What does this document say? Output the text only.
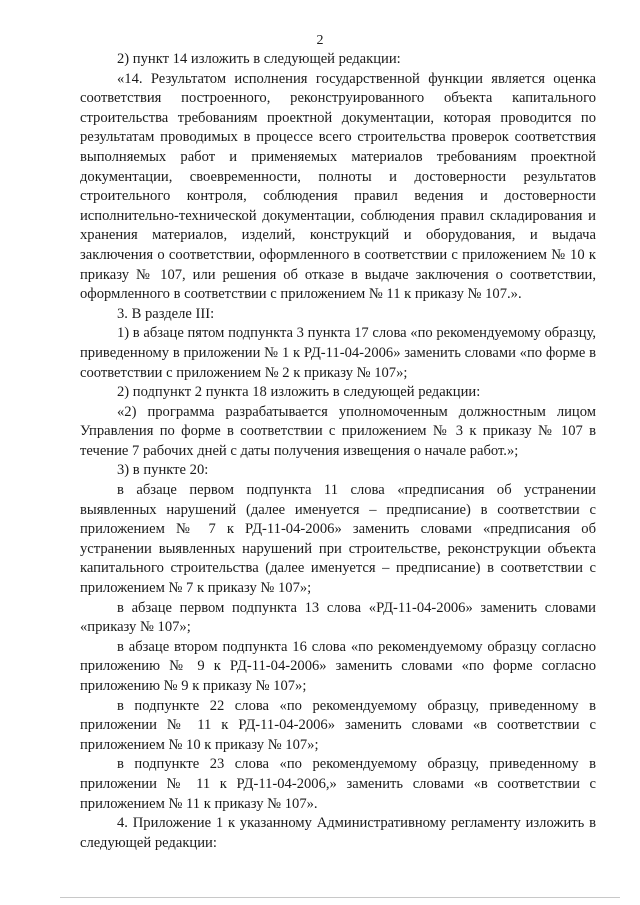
2

2) пункт 14 изложить в следующей редакции:

«14. Результатом исполнения государственной функции является оценка соответствия построенного, реконструированного объекта капитального строительства требованиям проектной документации, которая проводится по результатам проводимых в процессе всего строительства проверок соответствия выполняемых работ и применяемых материалов требованиям проектной документации, своевременности, полноты и достоверности результатов строительного контроля, соблюдения правил ведения и достоверности исполнительно-технической документации, соблюдения правил складирования и хранения материалов, изделий, конструкций и оборудования, и выдача заключения о соответствии, оформленного в соответствии с приложением № 10 к приказу № 107, или решения об отказе в выдаче заключения о соответствии, оформленного в соответствии с приложением № 11 к приказу № 107.».

3. В разделе III:

1) в абзаце пятом подпункта 3 пункта 17 слова «по рекомендуемому образцу, приведенному в приложении № 1 к РД-11-04-2006» заменить словами «по форме в соответствии с приложением № 2 к приказу № 107»;

2) подпункт 2 пункта 18 изложить в следующей редакции:

«2) программа разрабатывается уполномоченным должностным лицом Управления по форме в соответствии с приложением № 3 к приказу № 107 в течение 7 рабочих дней с даты получения извещения о начале работ.»;

3) в пункте 20:

в абзаце первом подпункта 11 слова «предписания об устранении выявленных нарушений (далее именуется – предписание) в соответствии с приложением № 7 к РД-11-04-2006» заменить словами «предписания об устранении выявленных нарушений при строительстве, реконструкции объекта капитального строительства (далее именуется – предписание) в соответствии с приложением № 7 к приказу № 107»;

в абзаце первом подпункта 13 слова «РД-11-04-2006» заменить словами «приказу № 107»;

в абзаце втором подпункта 16 слова «по рекомендуемому образцу согласно приложению № 9 к РД-11-04-2006» заменить словами «по форме согласно приложению № 9 к приказу № 107»;

в подпункте 22 слова «по рекомендуемому образцу, приведенному в приложении № 11 к РД-11-04-2006» заменить словами «в соответствии с приложением № 10 к приказу № 107»;

в подпункте 23 слова «по рекомендуемому образцу, приведенному в приложении № 11 к РД-11-04-2006,» заменить словами «в соответствии с приложением № 11 к приказу № 107».

4. Приложение 1 к указанному Административному регламенту изложить в следующей редакции:
